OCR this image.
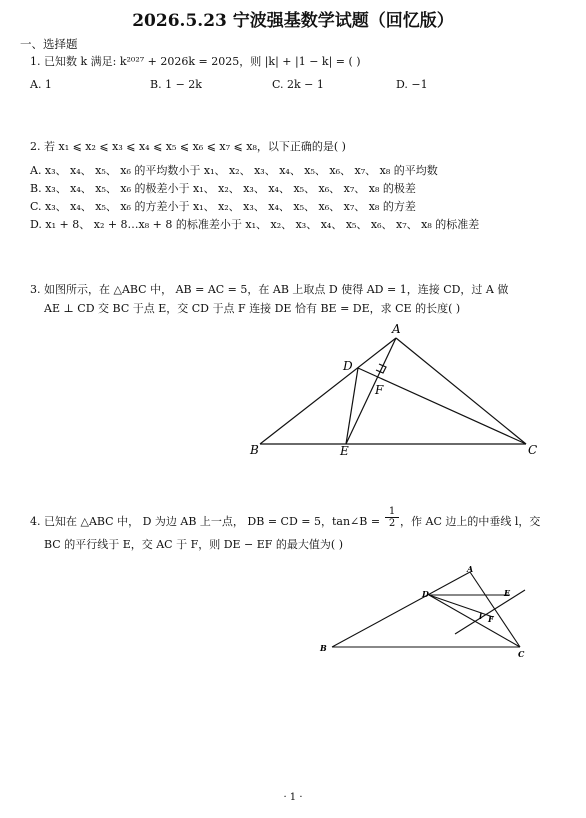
2026.5.23 宁波强基数学试题（回忆版）
一、选择题
1. 已知数 k 满足: k²⁰²⁷ + 2026k = 2025，则 |k| + |1 − k| = ( )
A. 1	B. 1 − 2k	C. 2k − 1	D. −1
2. 若 x₁ ⩽ x₂ ⩽ x₃ ⩽ x₄ ⩽ x₅ ⩽ x₆ ⩽ x₇ ⩽ x₈，以下正确的是( )
A. x₃、 x₄、 x₅、 x₆ 的平均数小于 x₁、 x₂、 x₃、 x₄、 x₅、 x₆、 x₇、 x₈ 的平均数
B. x₃、 x₄、 x₅、 x₆ 的极差小于 x₁、 x₂、 x₃、 x₄、 x₅、 x₆、 x₇、 x₈ 的极差
C. x₃、 x₄、 x₅、 x₆ 的方差小于 x₁、 x₂、 x₃、 x₄、 x₅、 x₆、 x₇、 x₈ 的方差
D. x₁ + 8、 x₂ + 8…x₈ + 8 的标准差小于 x₁、 x₂、 x₃、 x₄、 x₅、 x₆、 x₇、 x₈ 的标准差
3. 如图所示，在 △ABC 中， AB = AC = 5，在 AB 上取点 D 使得 AD = 1，连接 CD，过 A 做
AE ⊥ CD 交 BC 于点 E，交 CD 于点 F 连接 DE 恰有 BE = DE，求 CE 的长度( )
A
B	C
D
E
F
4. 已知在 △ABC 中， D 为边 AB 上一点， DB = CD = 5，tan∠B = $\frac{1}{2}$ ，作 AC 边上的中垂线 l，交
BC 的平行线于 E，交 AC 于 F，则 DE − EF 的最大值为( )
A
B
C
D	E
F
l
· 1 ·
